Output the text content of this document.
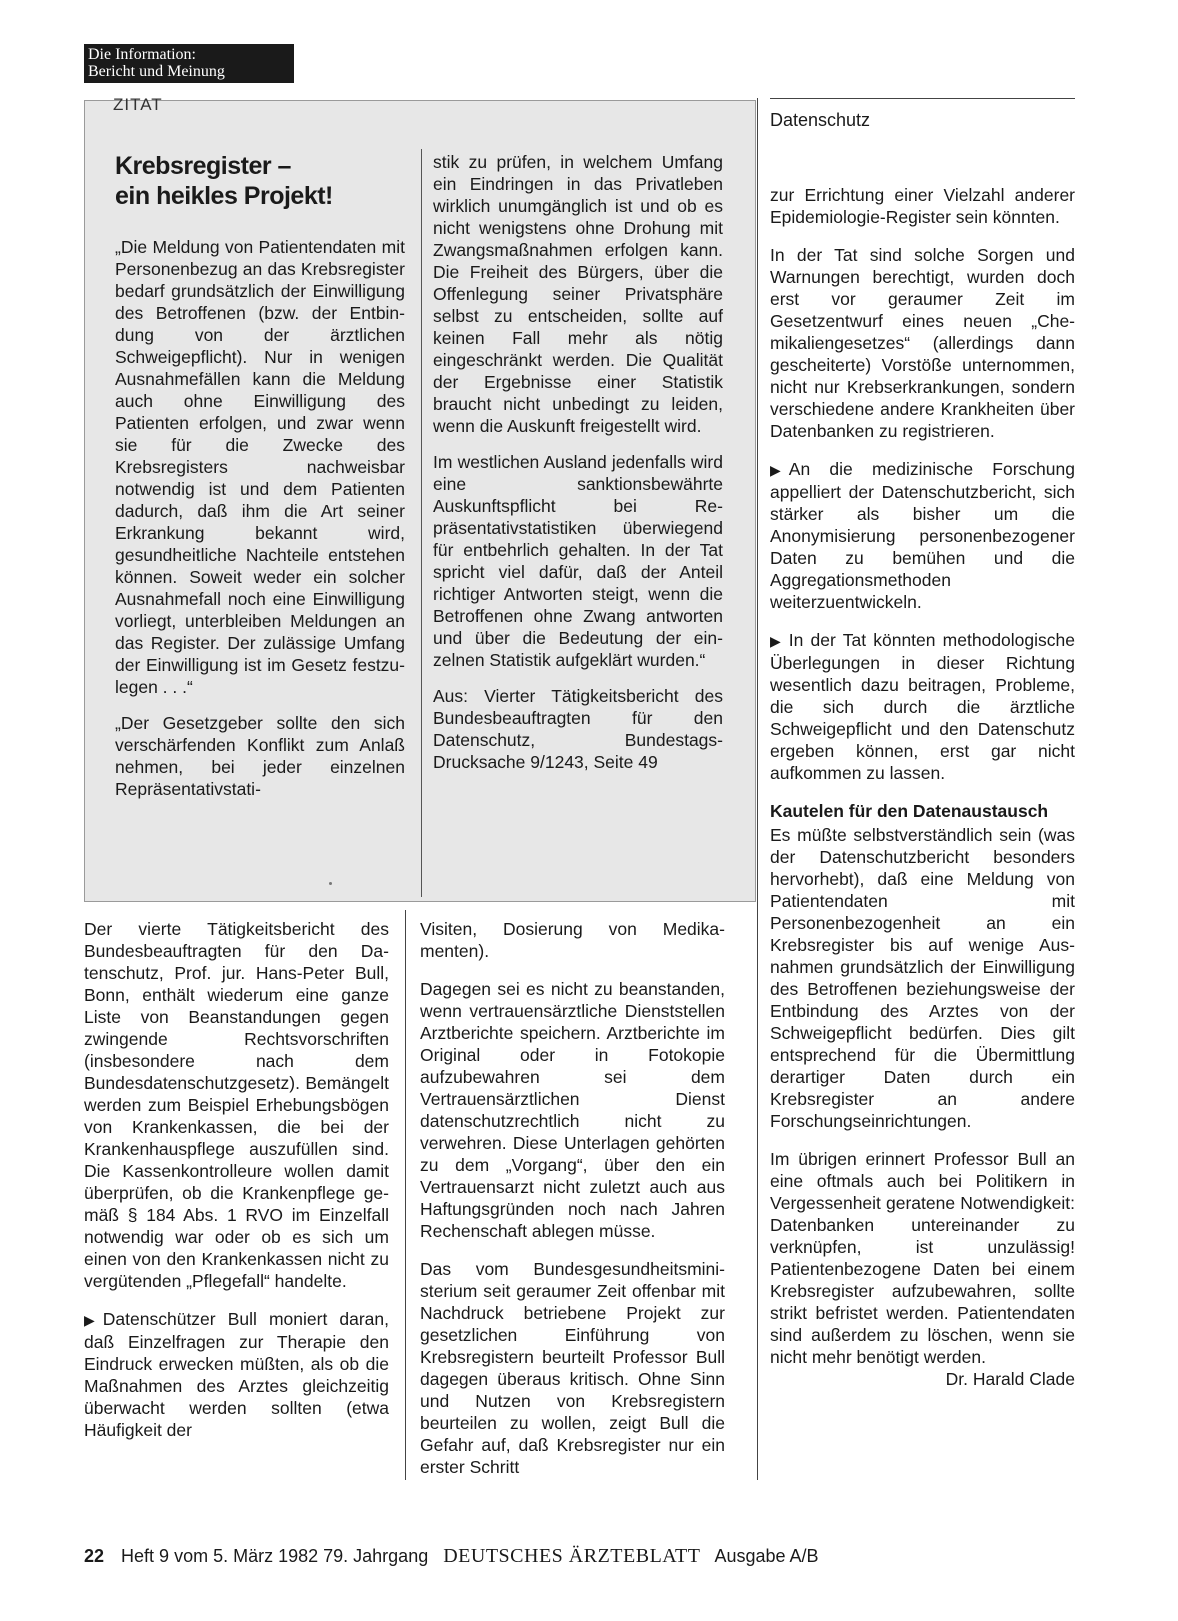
Die Information:
Bericht und Meinung
ZITAT
Krebsregister –
ein heikles Projekt!

„Die Meldung von Patientendaten mit Personenbezug an das Krebsregister bedarf grundsätzlich der Einwilligung des Betroffenen (bzw. der Entbindung von der ärztlichen Schweigepflicht). Nur in wenigen Ausnahmefällen kann die Meldung auch ohne Einwilligung des Patienten erfolgen, und zwar wenn sie für die Zwecke des Krebsregisters nachweisbar notwendig ist und dem Patienten dadurch, daß ihm die Art seiner Erkrankung bekannt wird, gesundheitliche Nachteile entstehen können. Soweit weder ein solcher Ausnahmefall noch eine Einwilligung vorliegt, unterbleiben Meldungen an das Register. Der zulässige Umfang der Einwilligung ist im Gesetz festzulegen . . .“

„Der Gesetzgeber sollte den sich verschärfenden Konflikt zum Anlaß nehmen, bei jeder einzelnen Repräsentativstati-

stik zu prüfen, in welchem Umfang ein Eindringen in das Privatleben wirklich unumgänglich ist und ob es nicht wenigstens ohne Drohung mit Zwangsmaßnahmen erfolgen kann. Die Freiheit des Bürgers, über die Offenlegung seiner Privatsphäre selbst zu entscheiden, sollte auf keinen Fall mehr als nötig eingeschränkt werden. Die Qualität der Ergebnisse einer Statistik braucht nicht unbedingt zu leiden, wenn die Auskunft freigestellt wird.

Im westlichen Ausland jedenfalls wird eine sanktionsbewährte Auskunftspflicht bei Repräsentativstatistiken überwiegend für entbehrlich gehalten. In der Tat spricht viel dafür, daß der Anteil richtiger Antworten steigt, wenn die Betroffenen ohne Zwang antworten und über die Bedeutung der einzelnen Statistik aufgeklärt wurden.“

Aus: Vierter Tätigkeitsbericht des Bundesbeauftragten für den Datenschutz, Bundestags-Drucksache 9/1243, Seite 49

Datenschutz

Der vierte Tätigkeitsbericht des Bundesbeauftragten für den Datenschutz, Prof. jur. Hans-Peter Bull, Bonn, enthält wiederum eine ganze Liste von Beanstandungen gegen zwingende Rechtsvorschriften (insbesondere nach dem Bundesdatenschutzgesetz). Bemängelt werden zum Beispiel Erhebungsbögen von Krankenkassen, die bei der Krankenhauspflege auszufüllen sind. Die Kassenkontrolleure wollen damit überprüfen, ob die Krankenpflege gemäß § 184 Abs. 1 RVO im Einzelfall notwendig war oder ob es sich um einen von den Krankenkassen nicht zu vergütenden „Pflegefall“ handelte.

▶ Datenschützer Bull moniert daran, daß Einzelfragen zur Therapie den Eindruck erwecken müßten, als ob die Maßnahmen des Arztes gleichzeitig überwacht werden sollten (etwa Häufigkeit der

Visiten, Dosierung von Medikamenten).

Dagegen sei es nicht zu beanstanden, wenn vertrauensärztliche Dienststellen Arztberichte speichern. Arztberichte im Original oder in Fotokopie aufzubewahren sei dem Vertrauensärztlichen Dienst datenschutzrechtlich nicht zu verwehren. Diese Unterlagen gehörten zu dem „Vorgang“, über den ein Vertrauensarzt nicht zuletzt auch aus Haftungsgründen noch nach Jahren Rechenschaft ablegen müsse.

Das vom Bundesgesundheitsministerium seit geraumer Zeit offenbar mit Nachdruck betriebene Projekt zur gesetzlichen Einführung von Krebsregistern beurteilt Professor Bull dagegen überaus kritisch. Ohne Sinn und Nutzen von Krebsregistern beurteilen zu wollen, zeigt Bull die Gefahr auf, daß Krebsregister nur ein erster Schritt

zur Errichtung einer Vielzahl anderer Epidemiologie-Register sein könnten.

In der Tat sind solche Sorgen und Warnungen berechtigt, wurden doch erst vor geraumer Zeit im Gesetzentwurf eines neuen „Chemikaliengesetzes“ (allerdings dann gescheiterte) Vorstöße unternommen, nicht nur Krebserkrankungen, sondern verschiedene andere Krankheiten über Datenbanken zu registrieren.

▶ An die medizinische Forschung appelliert der Datenschutzbericht, sich stärker als bisher um die Anonymisierung personenbezogener Daten zu bemühen und die Aggregationsmethoden weiterzuentwickeln.

▶ In der Tat könnten methodologische Überlegungen in dieser Richtung wesentlich dazu beitragen, Probleme, die sich durch die ärztliche Schweigepflicht und den Datenschutz ergeben können, erst gar nicht aufkommen zu lassen.

Kautelen für den Datenaustausch

Es müßte selbstverständlich sein (was der Datenschutzbericht besonders hervorhebt), daß eine Meldung von Patientendaten mit Personenbezogenheit an ein Krebsregister bis auf wenige Ausnahmen grundsätzlich der Einwilligung des Betroffenen beziehungsweise der Entbindung des Arztes von der Schweigepflicht bedürfen. Dies gilt entsprechend für die Übermittlung derartiger Daten durch ein Krebsregister an andere Forschungseinrichtungen.

Im übrigen erinnert Professor Bull an eine oftmals auch bei Politikern in Vergessenheit geratene Notwendigkeit: Datenbanken untereinander zu verknüpfen, ist unzulässig! Patientenbezogene Daten bei einem Krebsregister aufzubewahren, sollte strikt befristet werden. Patientendaten sind außerdem zu löschen, wenn sie nicht mehr benötigt werden.

Dr. Harald Clade

22 Heft 9 vom 5. März 1982 79. Jahrgang DEUTSCHES ÄRZTEBLATT Ausgabe A/B
